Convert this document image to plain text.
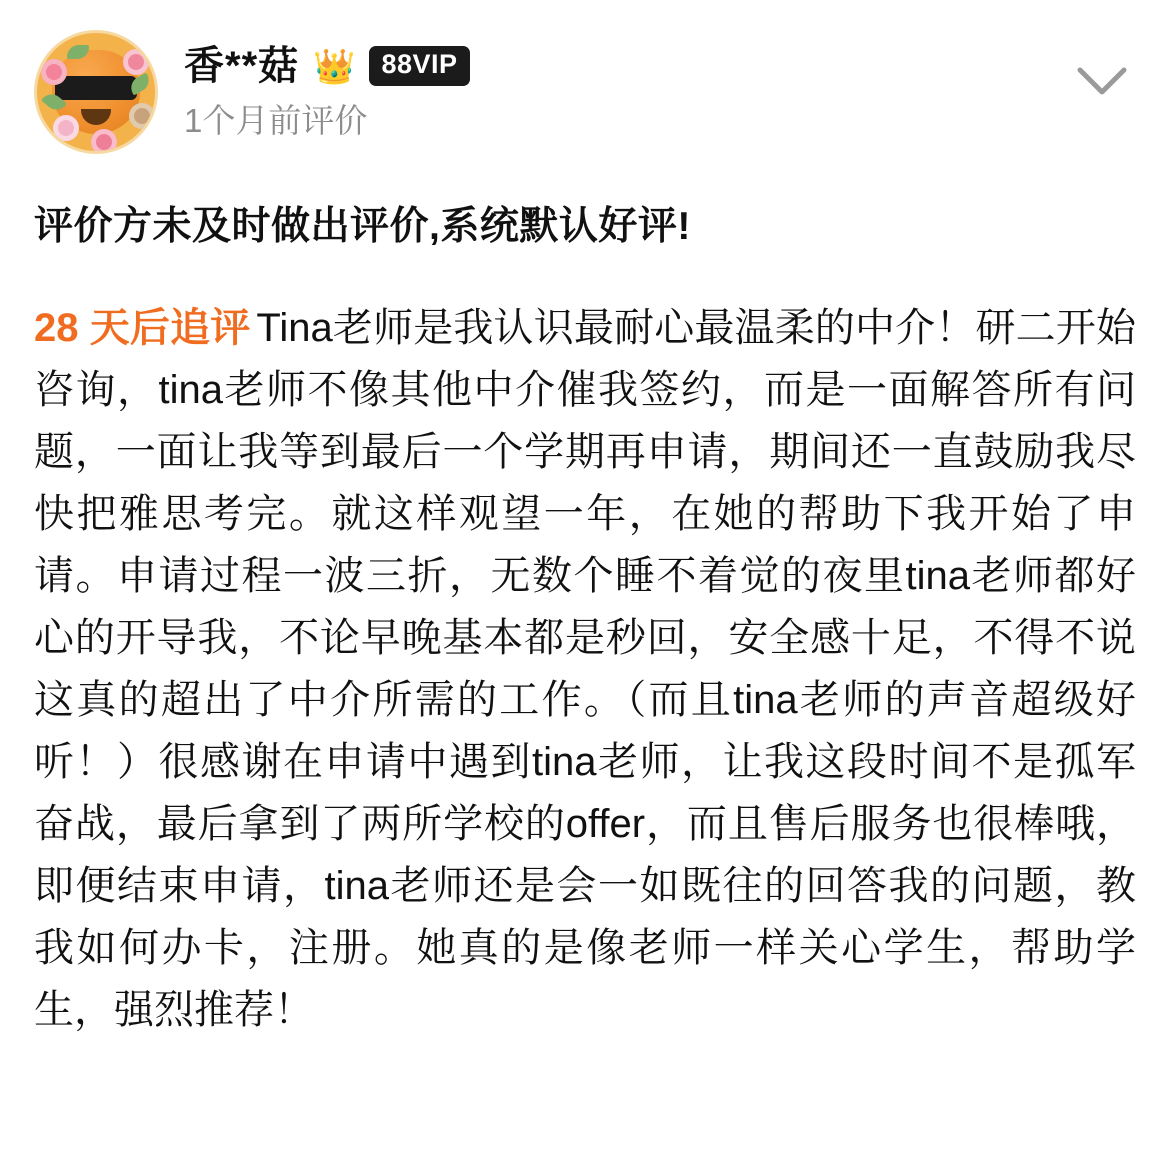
香**菇 👑 88VIP
1个月前评价
评价方未及时做出评价,系统默认好评!
28 天后追评 Tina老师是我认识最耐心最温柔的中介！研二开始咨询，tina老师不像其他中介催我签约，而是一面解答所有问题，一面让我等到最后一个学期再申请，期间还一直鼓励我尽快把雅思考完。就这样观望一年，在她的帮助下我开始了申请。申请过程一波三折，无数个睡不着觉的夜里tina老师都好心的开导我，不论早晚基本都是秒回，安全感十足，不得不说这真的超出了中介所需的工作。（而且tina老师的声音超级好听！）很感谢在申请中遇到tina老师，让我这段时间不是孤军奋战，最后拿到了两所学校的offer，而且售后服务也很棒哦，即便结束申请，tina老师还是会一如既往的回答我的问题，教我如何办卡，注册。她真的是像老师一样关心学生，帮助学生，强烈推荐！
